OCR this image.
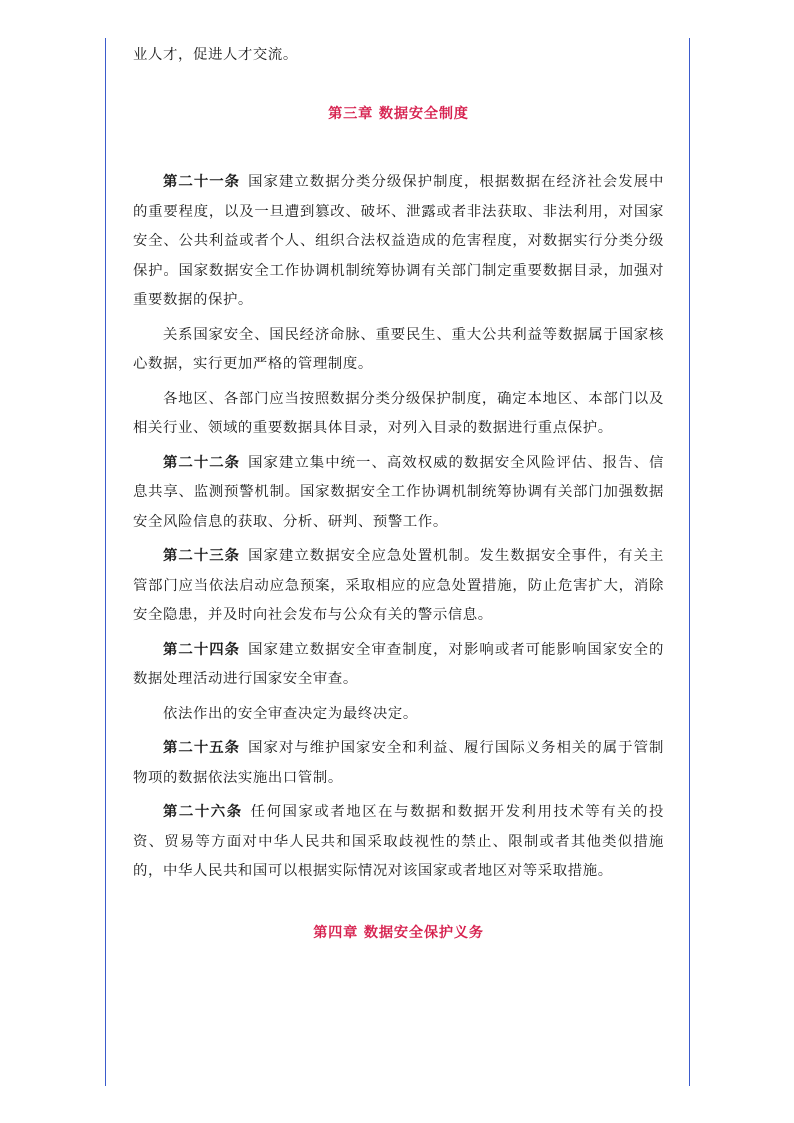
业人才，促进人才交流。

第三章 数据安全制度

第二十一条 国家建立数据分类分级保护制度，根据数据在经济社会发展中的重要程度，以及一旦遭到篡改、破坏、泄露或者非法获取、非法利用，对国家安全、公共利益或者个人、组织合法权益造成的危害程度，对数据实行分类分级保护。国家数据安全工作协调机制统筹协调有关部门制定重要数据目录，加强对重要数据的保护。

关系国家安全、国民经济命脉、重要民生、重大公共利益等数据属于国家核心数据，实行更加严格的管理制度。

各地区、各部门应当按照数据分类分级保护制度，确定本地区、本部门以及相关行业、领域的重要数据具体目录，对列入目录的数据进行重点保护。

第二十二条 国家建立集中统一、高效权威的数据安全风险评估、报告、信息共享、监测预警机制。国家数据安全工作协调机制统筹协调有关部门加强数据安全风险信息的获取、分析、研判、预警工作。

第二十三条 国家建立数据安全应急处置机制。发生数据安全事件，有关主管部门应当依法启动应急预案，采取相应的应急处置措施，防止危害扩大，消除安全隐患，并及时向社会发布与公众有关的警示信息。

第二十四条 国家建立数据安全审查制度，对影响或者可能影响国家安全的数据处理活动进行国家安全审查。

依法作出的安全审查决定为最终决定。

第二十五条 国家对与维护国家安全和利益、履行国际义务相关的属于管制物项的数据依法实施出口管制。

第二十六条 任何国家或者地区在与数据和数据开发利用技术等有关的投资、贸易等方面对中华人民共和国采取歧视性的禁止、限制或者其他类似措施的，中华人民共和国可以根据实际情况对该国家或者地区对等采取措施。

第四章 数据安全保护义务
